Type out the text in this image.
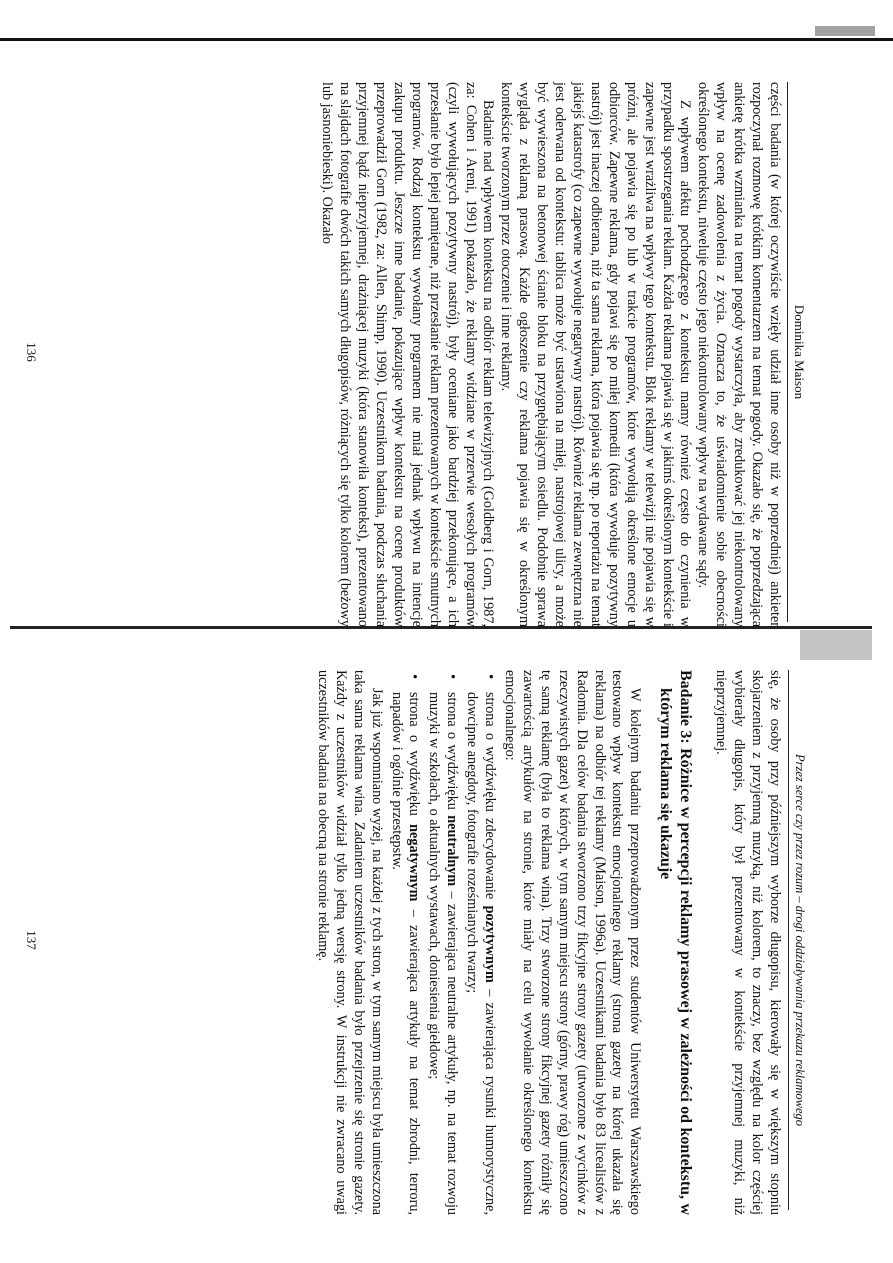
Dominika Maison

części badania (w której oczywiście wzięły udział inne osoby niż w poprzedniej) ankieter rozpoczynał rozmowę krótkim komentarzem na temat pogody. Okazało się, że poprzedzająca ankietę krótka wzmianka na temat pogody wystarczyła, aby zredukować jej niekontrolowany wpływ na ocenę zadowolenia z życia. Oznacza to, że uświadomienie sobie obecności określonego kontekstu, niweluje często jego niekontrolowany wpływ na wydawane sądy.

Z wpływem afektu pochodzącego z kontekstu mamy również często do czynienia w przypadku spostrzegania reklam. Każda reklama pojawia się w jakimś określonym kontekście i zapewne jest wrażliwa na wpływy tego kontekstu. Blok reklamy w telewizji nie pojawia się w próżni, ale pojawia się po lub w trakcie programów, które wywołują określone emocje u odbiorców. Zapewne reklama, gdy pojawi się po miłej komedii (która wywołuje pozytywny nastrój) jest inaczej odbierana, niż ta sama reklama, która pojawia się np. po reportażu na temat jakiejś katastrofy (co zapewne wywołuje negatywny nastrój). Również reklama zewnętrzna nie jest oderwana od kontekstu: tablica może być ustawiona na miłej, nastrojowej ulicy, a może być wywieszona na betonowej ścianie bloku na przygnębiającym osiedlu. Podobnie sprawa wygląda z reklamą prasową. Każde ogłoszenie czy reklama pojawia się w określonym kontekście tworzonym przez otoczenie i inne reklamy.

Badanie nad wpływem kontekstu na odbiór reklam telewizyjnych (Goldberg i Gorn, 1987, za: Cohen i Areni, 1991) pokazało, że reklamy widziane w przerwie wesołych programów (czyli wywołujących pozytywny nastrój), były oceniane jako bardziej przekonujące, a ich przesłanie było lepiej pamiętane, niż przesłanie reklam prezentowanych w kontekście smutnych programów. Rodzaj kontekstu wywołany programem nie miał jednak wpływu na intencje zakupu produktu. Jeszcze inne badanie, pokazujące wpływ kontekstu na ocenę produktów przeprowadził Gorn (1982, za: Allen, Shimp, 1990). Uczestnikom badania, podczas słuchania przyjemnej bądź nieprzyjemnej, drażniącej muzyki (która stanowiła kontekst), prezentowano na slajdach fotografie dwóch takich samych długopisów, różniących się tylko kolorem (beżowy lub jasnoniebieski). Okazało

136
Przez serce czy przez rozum – drogi oddziaływania przekazu reklamowego

się, że osoby przy późniejszym wyborze długopisu, kierowały się w większym stopniu skojarzeniem z przyjemną muzyką, niż kolorem, to znaczy, bez względu na kolor częściej wybierały długopis, który był prezentowany w kontekście przyjemnej muzyki, niż nieprzyjemnej.

Badanie 3: Różnice w percepcji reklamy prasowej w zależności od kontekstu, w którym reklama się ukazuje

W kolejnym badaniu przeprowadzonym przez studentów Uniwersytetu Warszawskiego testowano wpływ kontekstu emocjonalnego reklamy (strona gazety na której ukazała się reklama) na odbiór tej reklamy (Maison, 1996a). Uczestnikami badania było 83 licealistów z Radomia. Dla celów badania stworzono trzy fikcyjne strony gazety (utworzone z wycinków z rzeczywistych gazet) w których, w tym samym miejscu strony (górny, prawy róg) umieszczono tę samą reklamę (była to reklama wina). Trzy stworzone strony fikcyjnej gazety różniły się zawartością artykułów na stronie, które miały na celu wywołanie określonego kontekstu emocjonalnego:

• strona o wydźwięku zdecydowanie pozytywnym – zawierająca rysunki humorystyczne, dowcipne anegdoty, fotografie roześmianych twarzy;
• strona o wydźwięku neutralnym – zawierająca neutralne artykuły, np. na temat rozwoju muzyki w szkołach, o aktualnych wystawach, doniesienia giełdowe;
• strona o wydźwięku negatywnym – zawierająca artykuły na temat zbrodni, terroru, napadów i ogólnie przestępstw.

Jak już wspomniano wyżej, na każdej z tych stron, w tym samym miejscu była umieszczona taka sama reklama wina. Zadaniem uczestników badania było przejrzenie się stronie gazety. Każdy z uczestników widział tylko jedną wersję strony. W instrukcji nie zwracano uwagi uczestników badania na obecną na stronie reklamę.

137
